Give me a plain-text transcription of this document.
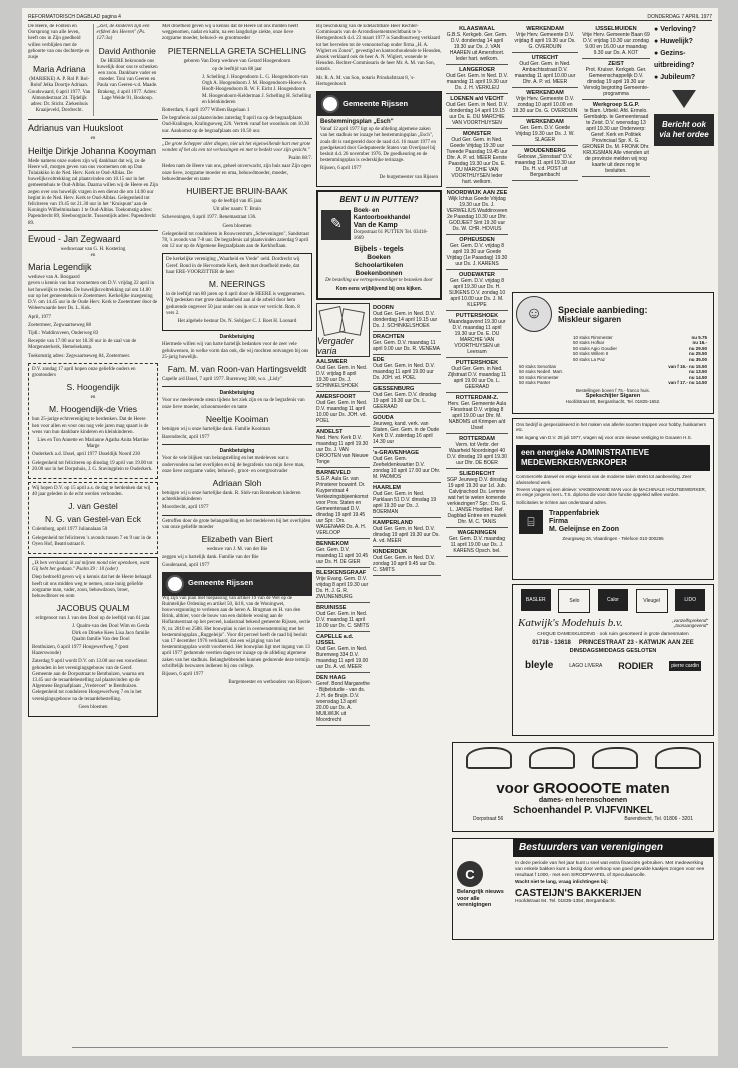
REFORMATORISCH DAGBLAD pagina 4	DONDERDAG 7 APRIL 1977

De Heere, de Fontein en Oorsprong van alle leven, heeft ons in Zijn goedheid willen verblijden met de geboorte van ons dochtertje en zusje

Maria Adriana

(MARIEKE) A. P. Rol P. Rol-Rolof Jelka Doortje Adriaan. Goudswaard, 6 april 1977. Van Almondestraat 24. Tijdelijk adres: Dr. Sticht. Ziekenhuis Kraaijeveld, Dordrecht.

„Ziet, de kinderen zijn een erfdeel des Heeren" (Ps. 127:3a)

David Anthonie

De HEERE bekroonde ons huwelijk door ons te schenken een zoon. Dankbare vader en moeder. Toni van Geeren en Paula van Geeren-v.d. Maade. Brakeng, 4 april 1977. Adres: Lage Weide 91, Boskoop.

Adrianus van Huuksloot
en
Heiltje Dirkje Johanna Kooyman

Mede namens onze ouders zijn wij dankbaar dat wij, zo de Heere wil, morgen geven van ons voornemen om op Dan Tulaiakiko in de Ned. Herv. Kerk te Oud-Alblas. De huwelijksvoltrekking zal plaatsvinden om 10.15 uur in het gemeentehuis te Oud-Alblas. Daarna willen wij de Heere en Zijn zegen over ons huwelijk vragen in een dienst die om 14.00 uur begint in de Ned. Herv. Kerk te Oud-Alblas. Gelegenheid tot feliciteren van 19.45 tot 21.30 uur in het ‘Kruispunt’ aan de Koningin Wilhelminalaan 1 te Oud-Alblas. Toekomstig adres: Papendrecht 89, Sleeboorgracht. Tussentijds adres: Papendrecht 89.

Ewoud - Jan Zegwaard
weduwnaar van G. H. Kostering
en
Maria Legendijk
weduwe van A. Boogaard

geven u kennis van hun voornemen om D.V. vrijdag 22 april in het huwelijk te treden. De huwelijksvoltrekking zal om 14.00 uur op het gemeentehuis te Zoetermeer. Kerkelijke inzegening D.V. om 14.45 uur in de Oude Herv. Kerk te Zoetermeer door de Weleerwaarde heer Ds. L. Kok.

April, 1977

Zoetermeer, Zegwaartseweg 88

Tijdl.: Waddinxveen, Onderweg 83

Receptie van 17.00 uur tot 18.30 uur in de zaal van de Morgensterkerk, Hemelsekamp.

Toekomstig adres: Zegwaartseweg 84, Zoetermeer.

D.V. zondag 17 april hopen onze geliefde ouders en grootouders

S. Hoogendijk
en
M. Hoogendijk-de Vries

hun 25-jarige echtvereniging te herdenken. Dat de Heere hen voor allen en voor ons nog vele jaren mag spaart is de wens van hun dankbare kinderen en kleinkinderen.

Lies en Ton Annette en Marianne Agatha Anita Martine Marge

Ouderkerk a.d. IJssel, april 1977 IJsseldijk Noord 230

Gelegenheid tot feliciteren op dinsdag 19 april van 19.00 tot 20.00 uur in het Dorpshuis, J. G. Stavingplein te Ouderkerk.

Wij hopen D.V. op 15 april a.s. de dag te herdenken dat wij 40 jaar geleden in de echt werden verbonden.

J. van Gestel
N. G. van Gestel-van Eck

Culemborg, april 1977 Julianalaan 50

Gelegenheid tot feliciteren 's avonds tussen 7 en 9 uur in de Oyen Hof, Beatrixstraat 8.

„Ik ben verslaard, ik zal mijnen mond niet opendoen, want Gij hebt het gedaan." Psalm 39 : 10 (oder)

Diep bedroefd geven wij u kennis dat het de Heere behaagd heeft uit ons midden weg te nemen, onze innig geliefde zorgzame man, vader, zoon, behuwdzoon, broer, behuwdbroer en oom

JACOBUS QUALM

echtgenoot van J. van den Dool op de leeftijd van 61 jaar.

J. Qualm-van den Dool Wim en Gerda Dirk en Dineke Kees Lisa Jaco familie Qualm familie Van den Dool

Benthuizen, 6 april 1977 Hoogewerfweg 7 (post Hazerswoude)

Zaterdag 9 april wordt D.V. om 13.00 uur een rouwdienst gehouden in het verenigingsgebouw van de Geref. Gemeente aan de Dorpsstraat te Benthuizen, waarna om 13.45 uur de teraardebestelling zal plaatsvinden op de Algemene Begraafplaats „Vredevoet" te Benthuizen. Gelegenheid tot condoleren Hoogewerfweg 7 en in het verenigingsgebouw na de teraardebestelling.

Geen bloemen

Met droefheid geven wij u kennis dat de Heere uit ons midden heeft weggenomen, nadat en kalm, na een langdurige ziekte, onze lieve zorgzame moeder, behuwd- en grootmoeder

PIETERNELLA GRETA SCHELLING

geboren Van Dorp weduwe van Gerard Hoogendoorn

op de leeftijd van 88 jaar

J. Schelling J. Hoogendoorn L. G. Hoogendoorn-van Orgh A. Hoogendoorn J. M. Hoogendoorn-Hoeve A. Hooft-Hoogendoorn B. W. F. Eicht J. Hoogendoorn M. Hoogendoorn-Kelderman J. Schelling H. Schelling en kleinkinderen

Rotterdam, 6 april 1977 Willem Bagelaan 1

De begrafenis zal plaatsvinden zaterdag 9 april na op de begraafplaats Oud-Kralingen, Kralingseweg 226. Vertrek vanaf het woonhuis om 10.30 uur. Aankomst op de begraafplaats om 10.50 uur.

„De grote Schepper aller dingen, niet uit het eigenwillende hart met grote wonden of het als een tot verlossingen en met te bedekt voor zijn gezicht."

Psalm 68:7.

Heden nam de Heere van ons, geheel onverwacht, zijn huis naar Zijn ogen onze lieve, zorgzame moeder en oma, behuwdmoeder, moeder, behuwdmoeder en tante

HUIBERTJE BRUIN-BAAK

op de leeftijd van 85 jaar.

Uit aller naam: T. Bruin

Scheveningen, 6 april 1977. Renemastraat 136.

Geen bloemen

Gelegenheid tot condoleren in Rouwcentrum „Scheveningen", Sandstraat 78, 's avonds van 7-8 uur. De begrafenis zal plaatsvinden zaterdag 9 april om 12 uur op de Algemene Begraafplaats aan de Kerkhoflaan.

De kerkelijke vereniging „Waarheid en Vrede" oeld. Dordrecht wij Geref. Bond in de Hervormde Kerk, deelt met droefheid mede, dat haar ERE-VOORZITTER de heer

M. NEERINGS

in de leeftijd van 80 jaren op 6 april door de HEERE is weggenomen. Wij gedenken met grote dankbaarheid aan al de arbeid door hem gedurende ongeveer 50 jaar onder ons in onze ver verricht. Rom. 8 vers 2.

Het algehele bestuur Ds. N. Sobijper C. J. Boet H. Loonard

Dankbetuiging

Hiermede willen wij van harte hartelijk bedanken voor de zeer vele gelukwensen, in welke vorm dan ook, die wij mochten ontvangen bij ons 25-jarig huwelijk.

Fam. M. van Roon-van Hartingsveldt

Capelle a/d IJssel, 7 april 1977. Burenweg 300, w.o. „Lisly"

Dankbetuiging

Voor uw meelevende steun tijdens het ziek zijn en na de begrafenis van onze lieve moeder, schoonmoeder en tante

Neeltje Kooiman

betuigen wij u onze hartelijke dank. Familie Kooiman

Barendrecht, april 1977

Dankbetuiging

Voor de vele blijken van belangstelling en het medeleven wat u ondervonden na het overlijden en bij de begrafenis van mijn lieve man, onze lieve zorgzame vader, behuwd-, groot- en overgrootvader

Adriaan Sloh

betuigen wij u onze hartelijke dank. R. Sloh-van Bennekom kinderen achterkleinkinderen

Moordrecht, april 1977

Getroffen door de grote belangstelling en het medeleven bij het overlijden van onze geliefde moeder

Elizabeth van Biert

weduwe van J. M. van der Bie

zeggen wij u hartelijk dank. Familie van der Bie

Gouderaand, april 1977

Gemeente Rijssen

Wij zijn van plan met toepassing van artikel 19 van de Wet op de Ruimtelijke Ordening en artikel 50, lid 8, van de Woningwet, bouwvergunning te verlenen aan de heren A. Brugman en H. van den Brink, althier, voor de bouw van een dubbele woning aan de Hoflantsestraat op het perceel, kadastraal bekend gemeente Rijssen, sectie N, nr. 2810 en 2588. Het bouwplan is niet in overeenstemming met het bestemmingsplan „Ruggeleiju". Voor dit perceel heeft de raad bij besluit van 17 december 1976 verklaard, dat een wijziging van het bestemmingsplan wordt voorbereid. Het bouwplan ligt met ingang van 13 april 1977 gedurende veertien dagen ter inzage op de afdeling algemene zaken van het stadhuis. Belanghebbenden kunnen gedurende deze termijn schriftelijk bezwaren indienen bij ons college.

Rijssen, 6 april 1977

Burgemeester en wethouders van Rijssen.

Bij beschikking van de Edelachtbare Heer Rechter-Commissaris van de Arrondissementsrechtbank te 's-Hertogenbosch d.d. 23 maart 1977 is Sandbuurtweg verklaard tot het bevreden tot de vennootschap onder firma „H. A. Wiglert en Zonen", gevestigd en kantoorhoudende te Heusden, alsook verklaard ook de heer A. N. Wiglert, wonende te Heusden. Rechter-Commissaris de heer Mr. A. M. van Son, notaris.

Mr. R. A. M. van Son, notaris Prinshafstraat 8, 's-Hertogenbosch

Gemeente Rijssen

Bestemmingsplan „Esch"

Vanaf 12 april 1977 ligt op de afdeling algemene zaken van het stadhuis ter inzage het bestemmingsplan „Esch", zoals dit is vastgesteld door de raad d.d. 16 maart 1977 en goedgekeurd door Gedeputeerde Staten van Overijssel bij besluit d.d. 26 november 1976. De goedkeuring en de bestemmingsplan is cederskijke terinzage.

Rijssen, 6 april 1977

De burgemeester van Rijssen

BENT U IN PUTTEN?
✎
Boek- en Kantoorboekhandel
Van de Kamp
Dorpsstraat 61 PUTTEN Tel. 03418-1669
Bijbels - tegels
Boeken
Schoolartikelen
Boekenbonnen

De bestelling uw vertegenwoordiger te bezoeken door

Kom eens vrijblijvend bij ons kijken.

Vergader varia
AALSMEER
Oud Ger. Gem. in Ned. D.V. vrijdag 8 april 19.30 uur Ds. J. SCHINKELSHOEK
AMERSFOORT
Oud Ger. Gem. in Ned. D.V. maandag 11 april 10.00 uur Ds. JOH. vd. POEL
ANDELST
Ned. Herv. Kerk D.V. maandag 11 april 19.30 uur Ds. J. VAN DROOTEN van Nieuwe Tonge
BARNEVELD
S.G.P. Aula Gr. van Prinsterer bouwinf. Dr. Kuyperstraat 4 Verkiezingsbijeenkomst voor Prov. Staten en Gemeenteraad D.V. dinsdag 19 april 19.45 uur Spr.: Drs. WAGENAAR Ds. A. H. VERLOOP
BENNEKOM
Ger. Gem. D.V. maandag 11 april 10.45 uur Ds. H. DE GIER
BLESKENSGRAAF
Vrije Evang. Gem. D.V. vrijdag 8 april 19.30 uur Ds. H. J. G. R. ZWIJNENBURG
BRUINISSE
Oud Ger. Gem. in Ned. D.V. maandag 11 april 10.00 uur Ds. C. SMITS
CAPELLE a.d. IJSSEL
Oud Ger. Gem. in Ned. Burenweg 334 D.V. maandag 11 april 19.00 uur Ds. A. vd. MEER
DEN HAAG
Geref. Bond Margarethe - Bijbelstudie - van ds. J. H. de Bruijn. D.V. woensdag 13 april 20.00 uur Ds. A. MUILWIJK uit Moordrecht
DOORN
Oud Ger. Gem. in Ned. D.V. donderdag 14 april 19.15 uur Ds. J. SCHINKELSHOEK
DRACHTEN
Ger. Gem. D.V. maandag 11 april 9.00 uur Ds. R. VENEMA
EDE
Oud Ger. Gem. in Ned. D.V. maandag 11 april 19.00 uur Ds. JOH. vd. POEL
GIESSENBURG
Oud Ger. Gem. D.V. dinsdag 19 april 19.30 uur Ds. L. GEERAAD
GOUDA
Jeurweg, kand. verk. van Staten, Ger. Gem. in de Oude Kerk D.V. zaterdag 16 april 14.30 uur
's-GRAVENHAGE
Oud Ger. Gem. Zeeheldenkwartier D.V. zondag 10 april 17.00 uur Dhr. M. PADMOS
HAARLEM
Oud Ger. Gem. in Ned. Parklaan 51 D.V. dinsdag 19 april 19.30 uur Ds. J. BOERMAN
KAMPERLAND
Oud Ger. Gem. in Ned. D.V. dinsdag 19 april 19.30 uur Ds. A. vd. MEER
KINDERDIJK
Oud Ger. Gem. in Ned. D.V. zondag 10 april 9.45 uur Ds. C. SMITS
KLAASWAAL
G.B.S. Kerkgeb. Ger. Gem. D.V. donderdag 14 april 19.30 uur Ds. J. VAN HAAREN uit Amersfoort. Ieder hart. welkom.
LANGEROER
Oud Ger. Gem. in Ned. D.V. maandag 11 april 19.30 uur Ds. J. H. VERKLEIJ
LOENEN a/d VECHT
Oud Ger. Gem. in Ned. D.V. donderdag 14 april 19.15 uur Ds. E. DU MARCHIE VAN VOORTHUYSEN
MONSTER
Oud Ger. Gem. in Ned. Goede Vrijdag 19.30 uur Tweede Paasdag 19.45 uur Dhr. A. P. vd. MEER Eerste Paasdag 19.30 uur Ds. E. DU MARCHIE VAN VOORTHUYSEN Ieder hart. welkom.
NOORDWIJK AAN ZEE
Wijk Ichtus Goede Vrijdag 19.30 uur Ds. J. VERWELIUS Waddinxveen 2e Paasdag 10.30 uur Dhr. GODJEET Sint 19.30 uur Ds. W. CHR. HOVIUS
OPHEUSDEN
Ger. Gem. D.V. vrijdag 8 april 19.30 uur Goede Vrijdag (1e Paasdag) 19.30 uur Ds. J. KARENS
OUDEWATER
Ger. Gem. D.V. vrijdag 8 april 19.30 uur Ds. H. SIJKENS D.V. zondag 10 april 10.00 uur Ds. J. M. KLEPPE
PUTTERSHOEK
Maandagavond 19.30 uur D.V. maandag 11 april 19.30 uur Ds. E. DU MARCHIE VAN VOORTHUYSEN uit Leersum
PUTTERSHOEK
Oud Ger. Gem. in Ned. Zijlstraat D.V. maandag 11 april 19.00 uur Ds. L. GEERAAD
ROTTERDAM-Z.
Herv. Ger. Gemeente Aula Flesstraat D.V. vrijdag 8 april 19.00 uur Dhr. M. NABOMS uit Krimpen a/d IJssel
ROTTERDAM
Verm. tot Verbr. der Waarheid Noordsingel 40 D.V. dinsdag 19 april 19.30 uur Dhr. DE BOER
SLIEDRECHT
SGP Jeurweg D.V. dinsdag 19 april 19.30 uur 1d. Jub. Calvijnschool Ds. Lemme wat het te weten komende verkiezingen? Spr.: Drs. G. L. JANSE Hoofded. Ref. Dagblad Entree en muziek Dhr. M. C. TANIS
WAGENINGEN
Ger. Gem. D.V. maandag 11 april 19.00 uur Ds. J. KARENS Opsch. bel.
WERKENDAM
Vrije Herv. Gemeente D.V. vrijdag 8 april 19.30 uur Ds. G. OVERDUIN
UTRECHT
Oud Ger. Gem. in Ned. Ambachtsstraat D.V. maandag 11 april 10.00 uur Dhr. A. P. vd. MEER
WERKENDAM
Vrije Herv. Gemeente D.V. zondag 10 april 10.00 en 19.30 uur Ds. G. OVERDUIN
WERKENDAM
Ger. Gem. D.V. Goede Vrijdag 19.30 uur Ds. J. W. SLAGER
WOUDENBERG
Gebouw „Sionstaat" D.V. maandag 11 april 19.30 uur Ds. H. v.d. POST uit Bergambacht
IJSSELMUIDEN
Vrije Herv. Gemeente Baan 69 D.V. vrijdag 10.30 uur zondag 9.00 en 16.00 uur maandag 9.30 uur Ds. A. KOT
ZEIST
Prot. Kruisvr. Kerkgeb. Ger. Gemeenschappelijk D.V. dinsdag 19 april 19.30 uur Vervolg begroting Gemeente-programma
Werkgroep S.G.P.
te Barn. Urbekl. Afd. Ermelo. Gembaktp. te Gemeenteraad te Zeist. D.V. woensdag 13 april 19.30 uur Onderwerp: Geref. Kerk en Politiek Provinciaal Spr. K. G. GRONER Ds. M. FRONK Dhr. KRIJGSMAN Alle vrienden uit de provincie melden wij nog kaarte uit deze nog te besluiten.
● Verloving?
● Huwelijk?
● Gezins-uitbreiding?
● Jubileum?
Bericht ook via het ordee
☺	Speciale aanbieding:
Miskleur sigaren
10 stuks Rimmester	nu 5.75
50 stuks Hofkar	nu 16.-
50 stuks Agio Goudier	nu 29.50
50 stuks Willem II	nu 25.50
50 stuks La Paz	nu 35.00
50 stuks Senoritas	van f 16.- nu 15.50
50 stuks Nederl. Mart.	nu 13.50
50 stuks Rimmester	nu 14.50
50 stuks Panter	van f 17.- nu 14.50
Bestellingen boven f 75.- franco huis.
Spekschijter Sigaren
Hoofdstraat 80, Bergambacht, Tel. 01825-1652.

Ons bedrijf is gespecialiseerd in het maken van allerlei soorten trappen voor hobby, huiskamers etc.

Met ingang van D.V. 25 juli 1977, vragen wij voor onze nieuwe vestiging te Gouwen H.S.

een energieke ADMINISTRATIEVE MEDEWERKER/VERKOPER

Commerciële danwel en enige kennis van de moderne talen strekt tot aanbeveling. Zeer afwisselend werk.

Tevens vragen wij een aktieve: VAKBEKWAME MAN voor de MACHINALE HOUTBEWERKER, en enige jongens met L.T.S. diploma die voor deze functie opgeleid willen worden.

Sollicitaties te richten aan onderstaand adres.

⌸
Trappenfabriek
Firma
M. Geleijnse en Zoon
Zeurgsweg 26, Vlaardingen - Telefoon 010-300295
BASLER	Selo	Calor	Vleugel	LIDO
Katwijk's Modehuis b.v.	„vanzelfsprekend" „toonaangevend"
CHIQUE DAMESKLEDING · ook ruim gesorteerd in grote damesmaten
01718 - 13618 PRINCESTRAAT 23 - KATWIJK AAN ZEE
DINSDAGSMIDDAGS GESLOTEN
bleyle	LAGO LIVERA RODIER	pierre cardin
voor GROOOOTE maten
dames- en herenschoenen
Schoenhandel P. VIJFVINKEL
Dorpstraat 56	Barendrecht, Tel. 01806 - 3201
Bestuurders van verenigingen
C
Belangrijk nieuws voor alle verenigingen

In deze periode van het jaar kunt u snel wat extra financiën gebruiken. Met medewerking van enkele bakken kunt u bezig door verkoop van goed gevulde kaakjes zorgen voor een resultaat f 1000,- met een SIRODPWAFEL of Speculaasvolle.

Wacht niet te lang, vraag inlichtingen bij:

CASTEIJN'S BAKKERIJEN
Hoofdstraat 84. Tel. 01835-1354, Bergambacht.
